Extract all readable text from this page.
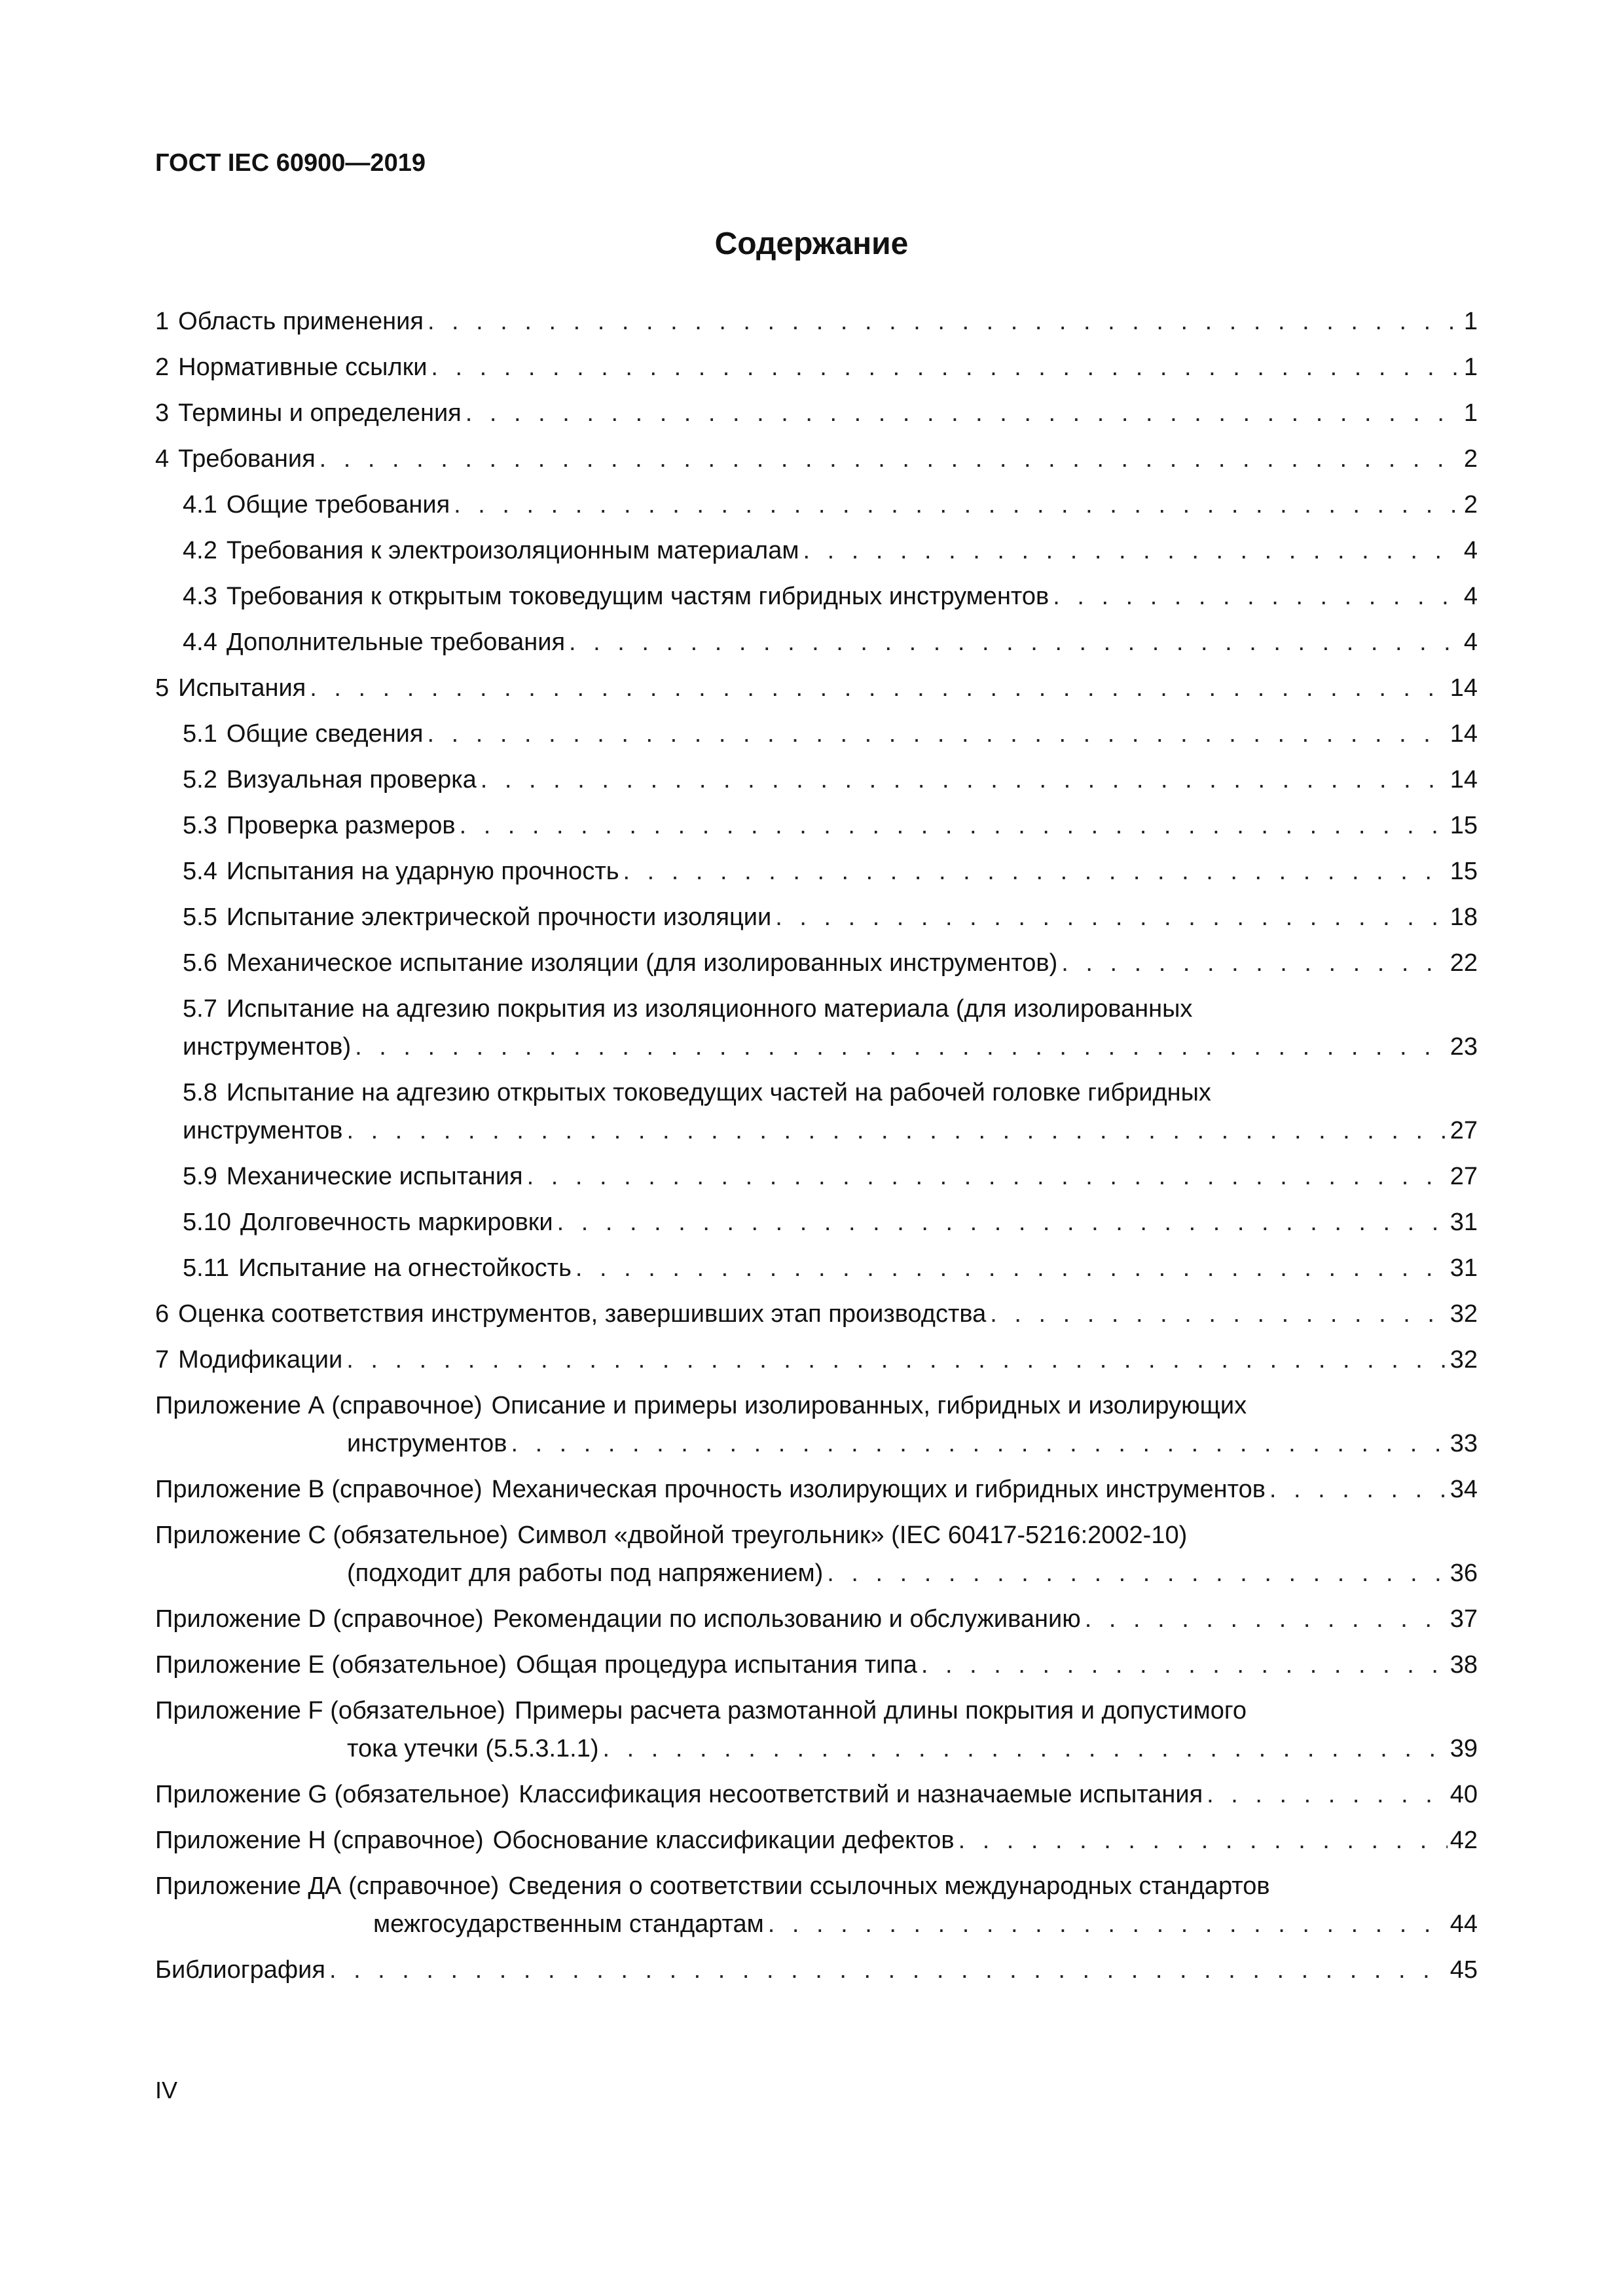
ГОСТ IEC 60900—2019

Содержание
1 Область применения . . .	1
2 Нормативные ссылки . . .	1
3 Термины и определения . . .	1
4 Требования . . .	2
4.1 Общие требования . . .	2
4.2 Требования к электроизоляционным материалам . . .	4
4.3 Требования к открытым токоведущим частям гибридных инструментов . . .	4
4.4 Дополнительные требования . . .	4
5 Испытания . . .	14
5.1 Общие сведения . . .	14
5.2 Визуальная проверка . . .	14
5.3 Проверка размеров . . .	15
5.4 Испытания на ударную прочность . . .	15
5.5 Испытание электрической прочности изоляции . . .	18
5.6 Механическое испытание изоляции (для изолированных инструментов) . . .	22
5.7 Испытание на адгезию покрытия из изоляционного материала (для изолированных
инструментов) . . .	23
5.8 Испытание на адгезию открытых токоведущих частей на рабочей головке гибридных
инструментов . . .	27
5.9 Механические испытания . . .	27
5.10 Долговечность маркировки . . .	31
5.11 Испытание на огнестойкость . . .	31
6 Оценка соответствия инструментов, завершивших этап производства . . .	32
7 Модификации . . .	32
Приложение А (справочное) Описание и примеры изолированных, гибридных и изолирующих
инструментов . . .	33
Приложение В (справочное) Механическая прочность изолирующих и гибридных инструментов . . .	34
Приложение С (обязательное) Символ «двойной треугольник» (IEC 60417-5216:2002-10)
(подходит для работы под напряжением) . . .	36
Приложение D (справочное) Рекомендации по использованию и обслуживанию . . .	37
Приложение Е (обязательное) Общая процедура испытания типа . . .	38
Приложение F (обязательное) Примеры расчета размотанной длины покрытия и допустимого
тока утечки (5.5.3.1.1) . . .	39
Приложение G (обязательное) Классификация несоответствий и назначаемые испытания . . .	40
Приложение Н (справочное) Обоснование классификации дефектов . . .	42
Приложение ДА (справочное) Сведения о соответствии ссылочных международных стандартов
межгосударственным стандартам . . .	44
Библиография . . .	45

IV
